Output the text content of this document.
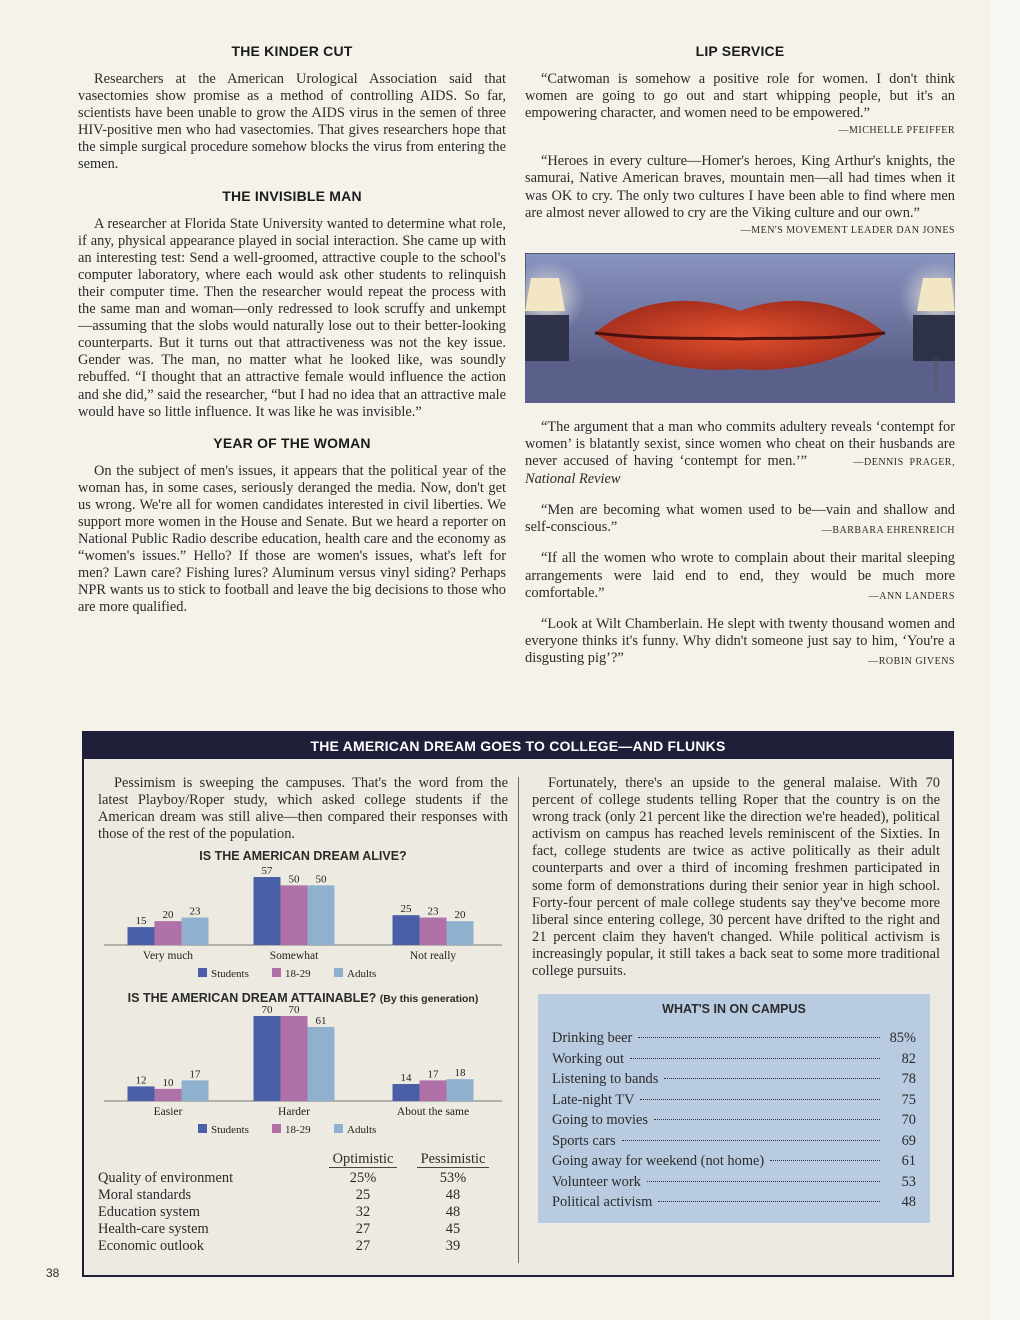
THE KINDER CUT

Researchers at the American Urological Association said that vasectomies show promise as a method of controlling AIDS. So far, scientists have been unable to grow the AIDS virus in the semen of three HIV-positive men who had vasectomies. That gives researchers hope that the simple surgical procedure somehow blocks the virus from entering the semen.

THE INVISIBLE MAN

A researcher at Florida State University wanted to determine what role, if any, physical appearance played in social interaction. She came up with an interesting test: Send a well-groomed, attractive couple to the school's computer laboratory, where each would ask other students to relinquish their computer time. Then the researcher would repeat the process with the same man and woman—only redressed to look scruffy and unkempt—assuming that the slobs would naturally lose out to their better-looking counterparts. But it turns out that attractiveness was not the key issue. Gender was. The man, no matter what he looked like, was soundly rebuffed. “I thought that an attractive female would influence the action and she did,” said the researcher, “but I had no idea that an attractive male would have so little influence. It was like he was invisible.”

YEAR OF THE WOMAN

On the subject of men's issues, it appears that the political year of the woman has, in some cases, seriously deranged the media. Now, don't get us wrong. We're all for women candidates interested in civil liberties. We support more women in the House and Senate. But we heard a reporter on National Public Radio describe education, health care and the economy as “women's issues.” Hello? If those are women's issues, what's left for men? Lawn care? Fishing lures? Aluminum versus vinyl siding? Perhaps NPR wants us to stick to football and leave the big decisions to those who are more qualified.

LIP SERVICE
“Catwoman is somehow a positive role for women. I don't think women are going to go out and start whipping people, but it's an empowering character, and women need to be empowered.”
—MICHELLE PFEIFFER
“Heroes in every culture—Homer's heroes, King Arthur's knights, the samurai, Native American braves, mountain men—all had times when it was OK to cry. The only two cultures I have been able to find where men are almost never allowed to cry are the Viking culture and our own.”
—MEN'S MOVEMENT LEADER DAN JONES
DANIEL BASS
“The argument that a man who commits adultery reveals ‘contempt for women’ is blatantly sexist, since women who cheat on their husbands are never accused of having ‘contempt for men.’”	—DENNIS PRAGER, National Review
“Men are becoming what women used to be—vain and shallow and self-conscious.”	—BARBARA EHRENREICH
“If all the women who wrote to complain about their marital sleeping arrangements were laid end to end, they would be much more comfortable.”	—ANN LANDERS
“Look at Wilt Chamberlain. He slept with twenty thousand women and everyone thinks it's funny. Why didn't someone just say to him, ‘You're a disgusting pig’?”	—ROBIN GIVENS
THE AMERICAN DREAM GOES TO COLLEGE—AND FLUNKS

Pessimism is sweeping the campuses. That's the word from the latest Playboy/Roper study, which asked college students if the American dream was still alive—then compared their responses with those of the rest of the population.

IS THE AMERICAN DREAM ALIVE?
15 20 23
Very much
57
50 50
Somewhat
25 23 20
Not really
Students	18-29	Adults
IS THE AMERICAN DREAM ATTAINABLE? (By this generation)
12 10
17
Easier
70 70
61
Harder
14 17 18
About the same
Students	18-29	Adults
	Optimistic	Pessimistic
Quality of environment	25%	53%
Moral standards	25	48
Education system	32	48
Health-care system	27	45
Economic outlook	27	39

Fortunately, there's an upside to the general malaise. With 70 percent of college students telling Roper that the country is on the wrong track (only 21 percent like the direction we're headed), political activism on campus has reached levels reminiscent of the Sixties. In fact, college students are twice as active politically as their adult counterparts and over a third of incoming freshmen participated in some form of demonstrations during their senior year in high school. Forty-four percent of male college students say they've become more liberal since entering college, 30 percent have drifted to the right and 21 percent claim they haven't changed. While political activism is increasingly popular, it still takes a back seat to some more traditional college pursuits.

WHAT'S IN ON CAMPUS
Drinking beer	85%
Working out	82
Listening to bands	78
Late-night TV	75
Going to movies	70
Sports cars	69
Going away for weekend (not home)	61
Volunteer work	53
Political activism	48
38
